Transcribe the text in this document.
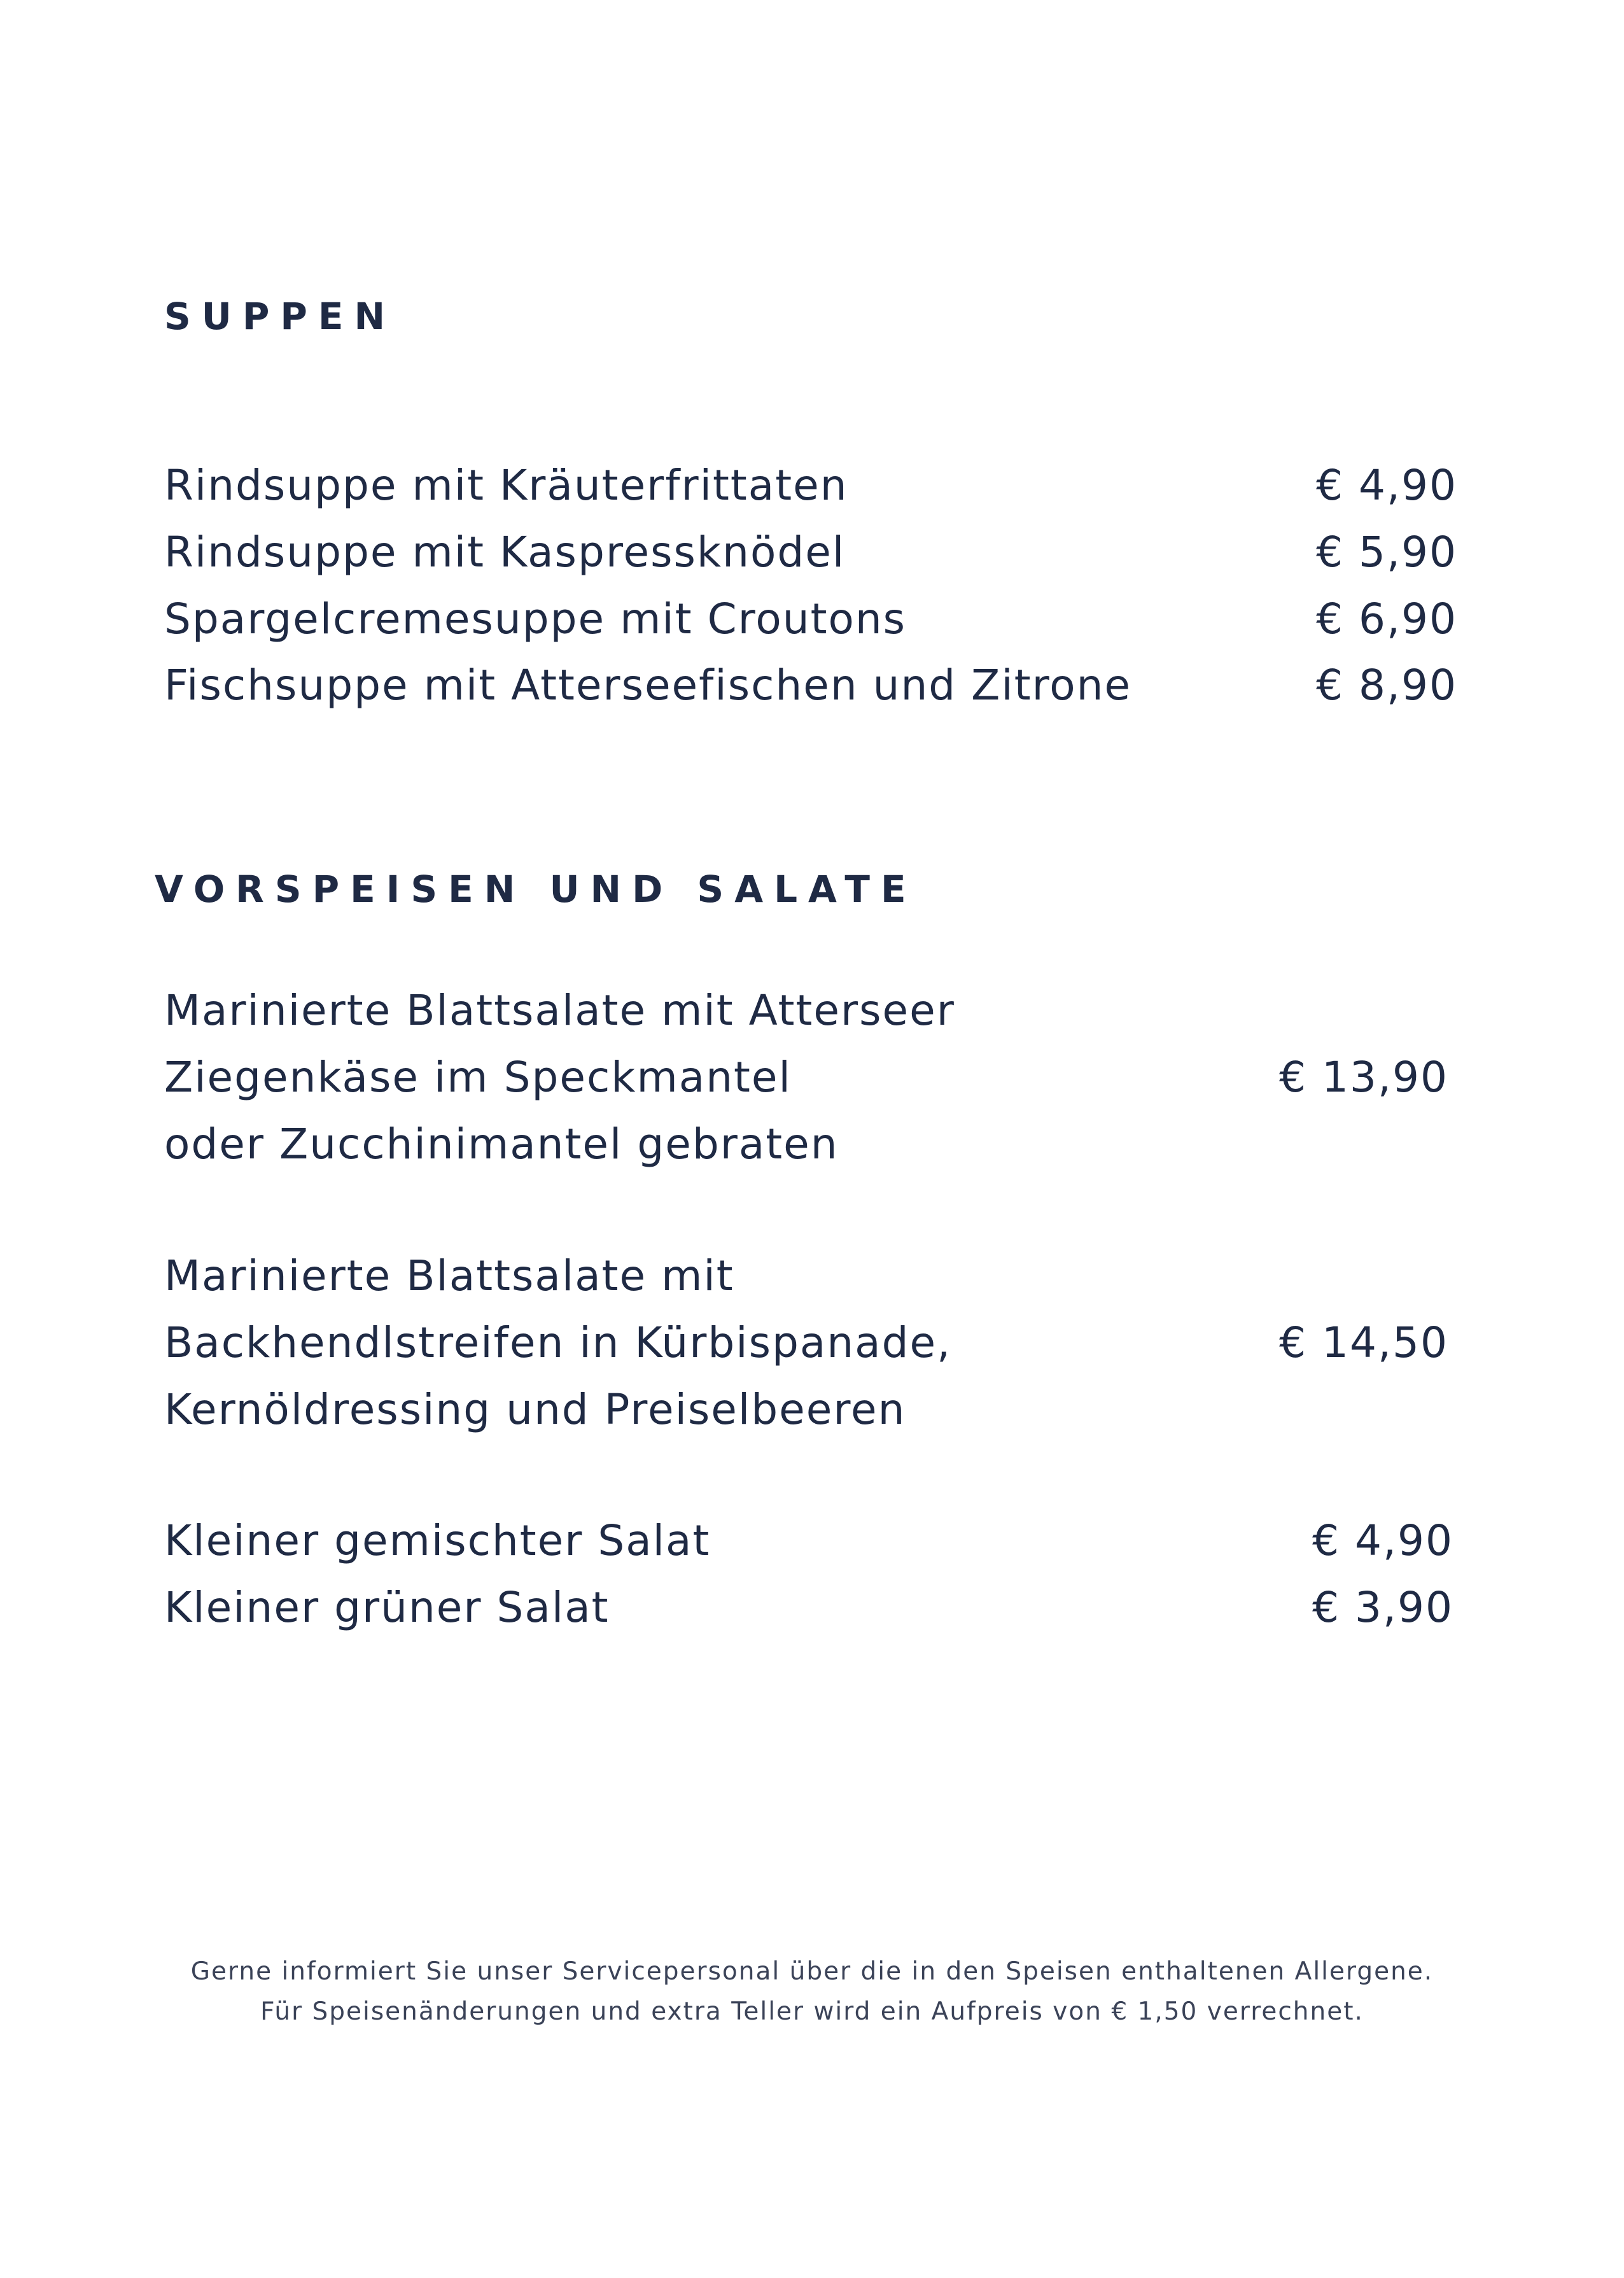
SUPPEN
Rindsuppe mit Kräuterfrittaten	€ 4,90
Rindsuppe mit Kaspressknödel	€ 5,90
Spargelcremesuppe mit Croutons	€ 6,90
Fischsuppe mit Atterseefischen und Zitrone	€ 8,90
VORSPEISEN UND SALATE
Marinierte Blattsalate mit Atterseer
Ziegenkäse im Speckmantel
oder Zucchinimantel gebraten
€ 13,90
Marinierte Blattsalate mit
Backhendlstreifen in Kürbispanade,
Kernöldressing und Preiselbeeren
€ 14,50
Kleiner gemischter Salat	€ 4,90
Kleiner grüner Salat	€ 3,90
Gerne informiert Sie unser Servicepersonal über die in den Speisen enthaltenen Allergene.
Für Speisenänderungen und extra Teller wird ein Aufpreis von € 1,50 verrechnet.
